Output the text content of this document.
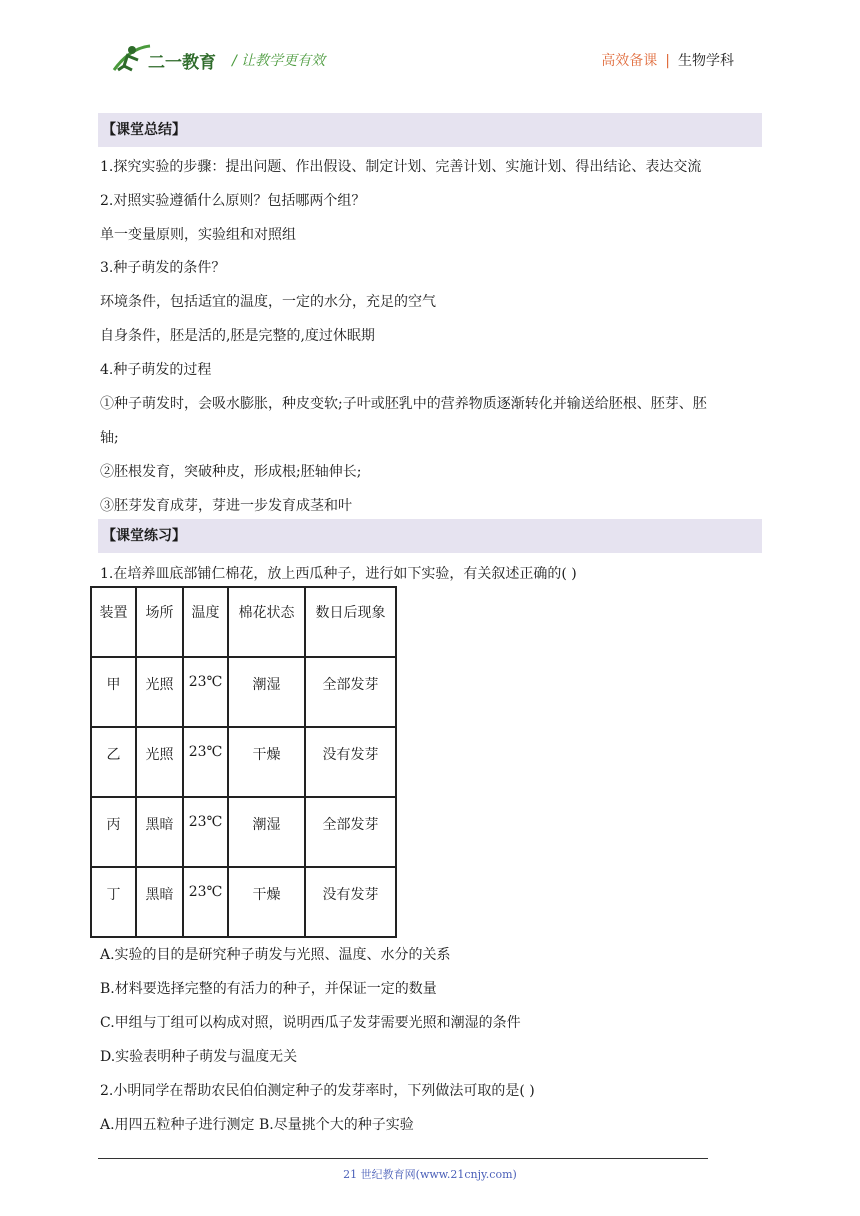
二一教育 / 让教学更有效	高效备课 | 生物学科
【课堂总结】
1.探究实验的步骤：提出问题、作出假设、制定计划、完善计划、实施计划、得出结论、表达交流
2.对照实验遵循什么原则？包括哪两个组？
单一变量原则，实验组和对照组
3.种子萌发的条件？
环境条件，包括适宜的温度，一定的水分，充足的空气
自身条件，胚是活的,胚是完整的,度过休眠期
4.种子萌发的过程
①种子萌发时，会吸水膨胀，种皮变软;子叶或胚乳中的营养物质逐渐转化并输送给胚根、胚芽、胚
轴;
②胚根发育，突破种皮，形成根;胚轴伸长;
③胚芽发育成芽，芽进一步发育成茎和叶
【课堂练习】
1.在培养皿底部铺仁棉花，放上西瓜种子，进行如下实验，有关叙述正确的( )
装置	场所	温度	棉花状态	数日后现象
甲	光照	23℃	潮湿	全部发芽
乙	光照	23℃	干燥	没有发芽
丙	黑暗	23℃	潮湿	全部发芽
丁	黑暗	23℃	干燥	没有发芽
A.实验的目的是研究种子萌发与光照、温度、水分的关系
B.材料要选择完整的有活力的种子，并保证一定的数量
C.甲组与丁组可以构成对照，说明西瓜子发芽需要光照和潮湿的条件
D.实验表明种子萌发与温度无关
2.小明同学在帮助农民伯伯测定种子的发芽率时，下列做法可取的是( )
A.用四五粒种子进行测定 B.尽量挑个大的种子实验
21 世纪教育网(www.21cnjy.com)
